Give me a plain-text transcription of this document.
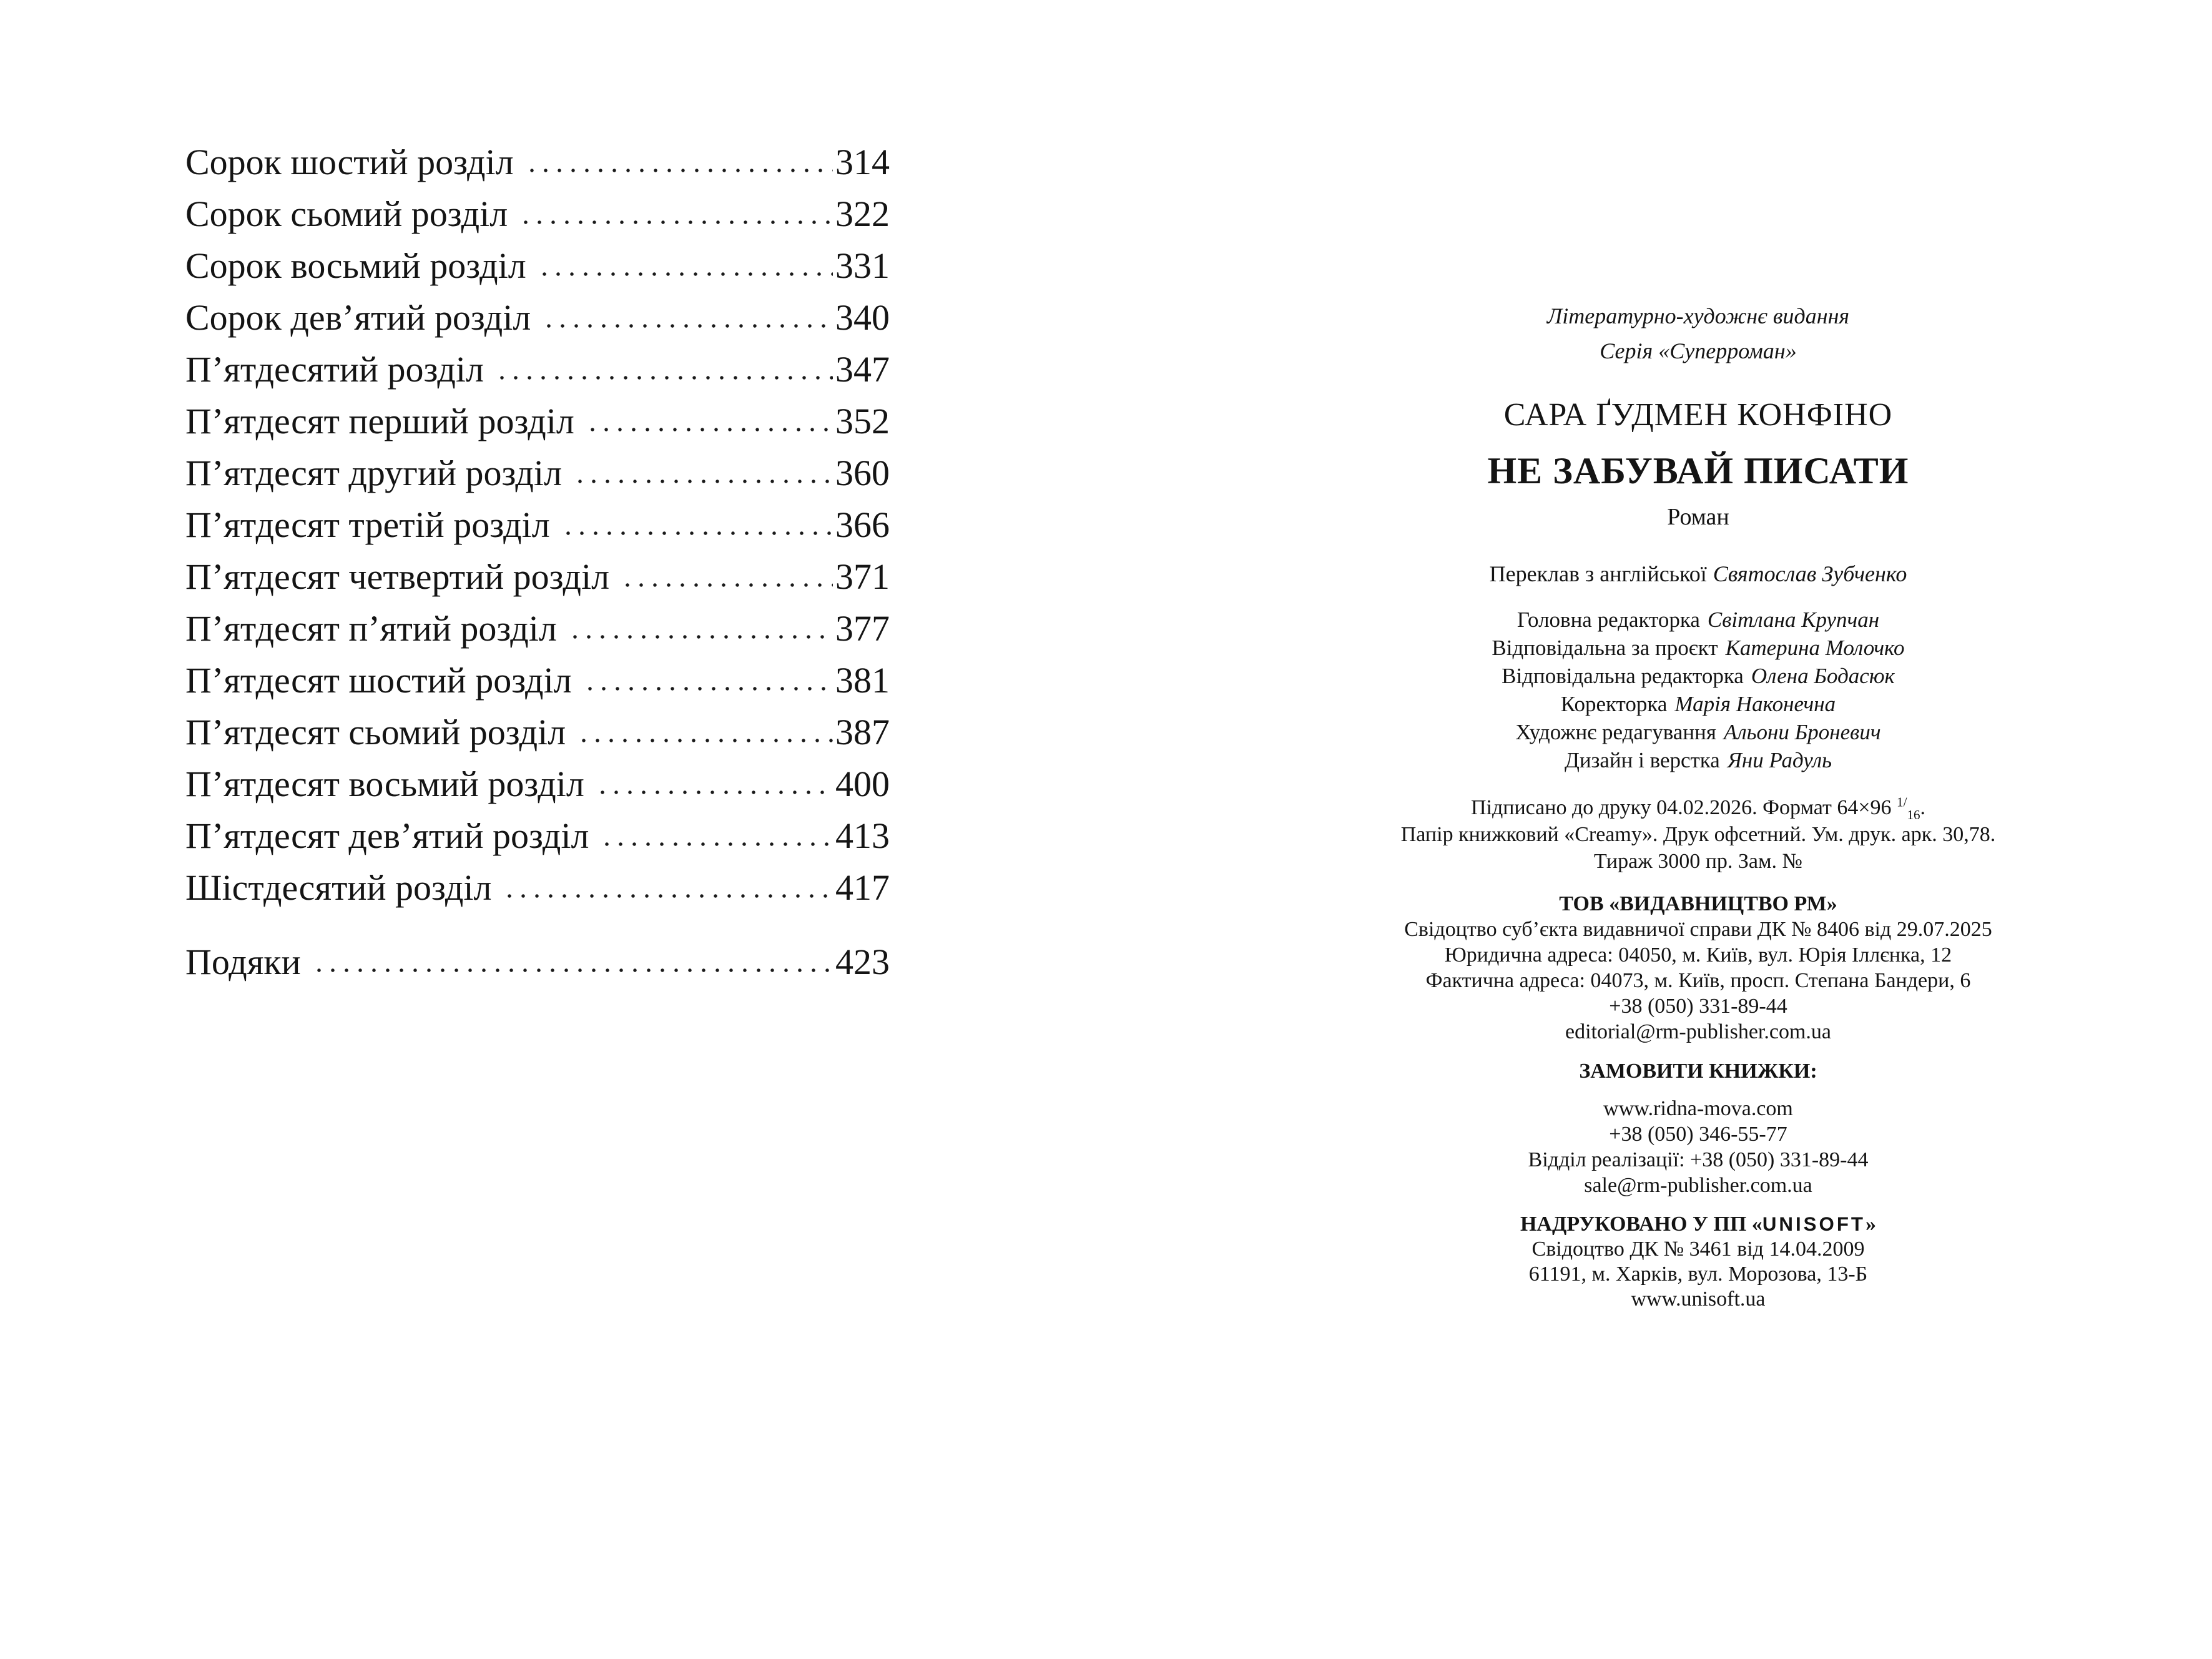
Сорок шостий розділ	314
Сорок сьомий розділ	322
Сорок восьмий розділ	331
Сорок дев’ятий розділ	340
П’ятдесятий розділ	347
П’ятдесят перший розділ	352
П’ятдесят другий розділ	360
П’ятдесят третій розділ	366
П’ятдесят четвертий розділ	371
П’ятдесят п’ятий розділ	377
П’ятдесят шостий розділ	381
П’ятдесят сьомий розділ	387
П’ятдесят восьмий розділ	400
П’ятдесят дев’ятий розділ	413
Шістдесятий розділ	417
Подяки	423
Літературно-художнє видання
Серія «Суперроман»
САРА ҐУДМЕН КОНФІНО
НЕ ЗАБУВАЙ ПИСАТИ
Роман
Переклав з англійської Святослав Зубченко
Головна редакторка Світлана Крупчан
Відповідальна за проєкт Катерина Молочко
Відповідальна редакторка Олена Бодасюк
Коректорка Марія Наконечна
Художнє редагування Альони Броневич
Дизайн і верстка Яни Радуль
Підписано до друку 04.02.2026. Формат 64×96 $^{1/}_{16}$.
Папір книжковий «Creamy». Друк офсетний. Ум. друк. арк. 30,78.
Тираж 3000 пр. Зам. №
ТОВ «ВИДАВНИЦТВО РМ»
Свідоцтво суб’єкта видавничої справи ДК № 8406 від 29.07.2025
Юридична адреса: 04050, м. Київ, вул. Юрія Іллєнка, 12
Фактична адреса: 04073, м. Київ, просп. Степана Бандери, 6
+38 (050) 331-89-44
editorial@rm-publisher.com.ua
ЗАМОВИТИ КНИЖКИ:
www.ridna-mova.com
+38 (050) 346-55-77
Відділ реалізації: +38 (050) 331-89-44
sale@rm-publisher.com.ua
НАДРУКОВАНО У ПП «UNISOFT»
Свідоцтво ДК № 3461 від 14.04.2009
61191, м. Харків, вул. Морозова, 13-Б
www.unisoft.ua
